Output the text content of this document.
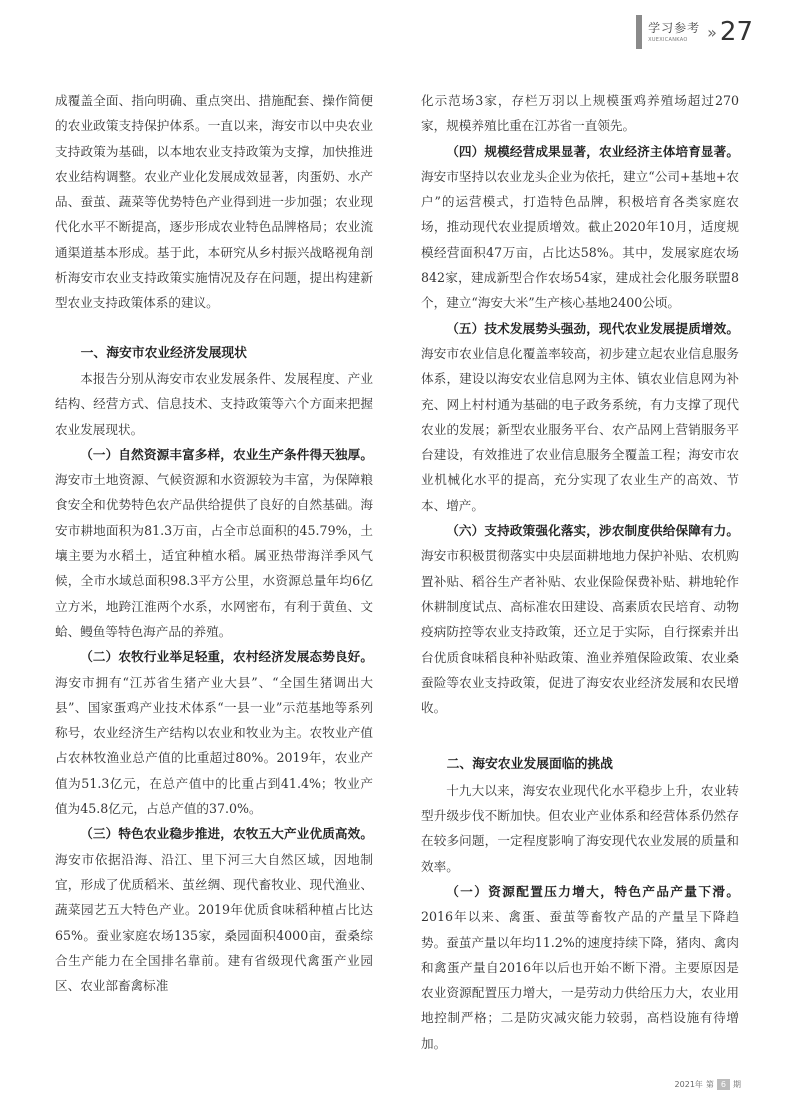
学习参考
XUEXICANKAO	» 27

成覆盖全面、指向明确、重点突出、措施配套、操作简便的农业政策支持保护体系。一直以来，海安市以中央农业支持政策为基础，以本地农业支持政策为支撑，加快推进农业结构调整。农业产业化发展成效显著，肉蛋奶、水产品、蚕茧、蔬菜等优势特色产业得到进一步加强；农业现代化水平不断提高，逐步形成农业特色品牌格局；农业流通渠道基本形成。基于此，本研究从乡村振兴战略视角剖析海安市农业支持政策实施情况及存在问题，提出构建新型农业支持政策体系的建议。

一、海安市农业经济发展现状

本报告分别从海安市农业发展条件、发展程度、产业结构、经营方式、信息技术、支持政策等六个方面来把握农业发展现状。

（一）自然资源丰富多样，农业生产条件得天独厚。海安市土地资源、气候资源和水资源较为丰富，为保障粮食安全和优势特色农产品供给提供了良好的自然基础。海安市耕地面积为81.3万亩，占全市总面积的45.79%，土壤主要为水稻土，适宜种植水稻。属亚热带海洋季风气候，全市水域总面积98.3平方公里，水资源总量年均6亿立方米，地跨江淮两个水系，水网密布，有利于黄鱼、文蛤、鳗鱼等特色海产品的养殖。

（二）农牧行业举足轻重，农村经济发展态势良好。海安市拥有“江苏省生猪产业大县”、“全国生猪调出大县”、国家蛋鸡产业技术体系“一县一业”示范基地等系列称号，农业经济生产结构以农业和牧业为主。农牧业产值占农林牧渔业总产值的比重超过80%。2019年，农业产值为51.3亿元，在总产值中的比重占到41.4%；牧业产值为45.8亿元，占总产值的37.0%。

（三）特色农业稳步推进，农牧五大产业优质高效。海安市依据沿海、沿江、里下河三大自然区域，因地制宜，形成了优质稻米、茧丝绸、现代畜牧业、现代渔业、蔬菜园艺五大特色产业。2019年优质食味稻种植占比达65%。蚕业家庭农场135家，桑园面积4000亩，蚕桑综合生产能力在全国排名靠前。建有省级现代禽蛋产业园区、农业部畜禽标准

化示范场3家，存栏万羽以上规模蛋鸡养殖场超过270家，规模养殖比重在江苏省一直领先。

（四）规模经营成果显著，农业经济主体培育显著。海安市坚持以农业龙头企业为依托，建立“公司+基地+农户”的运营模式，打造特色品牌，积极培育各类家庭农场，推动现代农业提质增效。截止2020年10月，适度规模经营面积47万亩，占比达58%。其中，发展家庭农场842家，建成新型合作农场54家，建成社会化服务联盟8个，建立“海安大米”生产核心基地2400公顷。

（五）技术发展势头强劲，现代农业发展提质增效。海安市农业信息化覆盖率较高，初步建立起农业信息服务体系，建设以海安农业信息网为主体、镇农业信息网为补充、网上村村通为基础的电子政务系统，有力支撑了现代农业的发展；新型农业服务平台、农产品网上营销服务平台建设，有效推进了农业信息服务全覆盖工程；海安市农业机械化水平的提高，充分实现了农业生产的高效、节本、增产。

（六）支持政策强化落实，涉农制度供给保障有力。海安市积极贯彻落实中央层面耕地地力保护补贴、农机购置补贴、稻谷生产者补贴、农业保险保费补贴、耕地轮作休耕制度试点、高标准农田建设、高素质农民培育、动物疫病防控等农业支持政策，还立足于实际，自行探索并出台优质食味稻良种补贴政策、渔业养殖保险政策、农业桑蚕险等农业支持政策，促进了海安农业经济发展和农民增收。

二、海安农业发展面临的挑战

十九大以来，海安农业现代化水平稳步上升，农业转型升级步伐不断加快。但农业产业体系和经营体系仍然存在较多问题，一定程度影响了海安现代农业发展的质量和效率。

（一）资源配置压力增大，特色产品产量下滑。2016年以来、禽蛋、蚕茧等畜牧产品的产量呈下降趋势。蚕茧产量以年均11.2%的速度持续下降，猪肉、禽肉和禽蛋产量自2016年以后也开始不断下滑。主要原因是农业资源配置压力增大，一是劳动力供给压力大，农业用地控制严格；二是防灾减灾能力较弱，高档设施有待增加。

2021年 第 6 期
